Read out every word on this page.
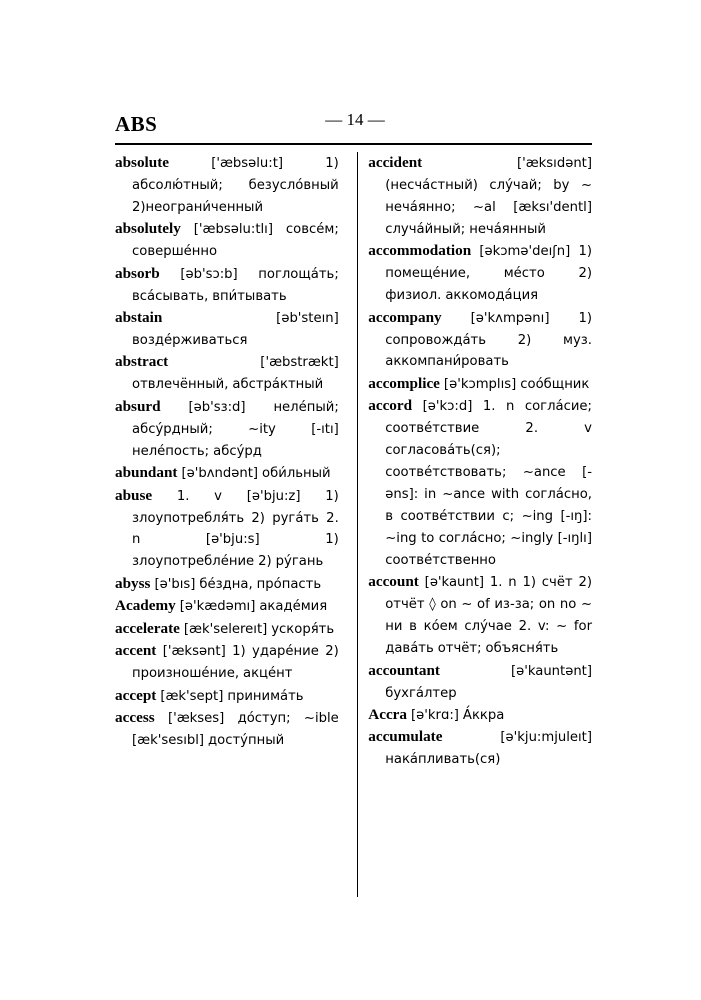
ABS	— 14 —

absolute ['æbsəlu:t] 1) абсолю́тный; безусло́вный 2)неограни́ченный

absolutely ['æbsəlu:tlı] совсе́м; соверше́нно

absorb [əb'sɔ:b] поглоща́ть; вса́сывать, впи́тывать

abstain [əb'steın] возде́рживаться

abstract ['æbstrækt] отвлечённый, абстра́ктный

absurd [əb'sɜ:d] неле́пый; абсу́рдный; ~ity [-ıtı] неле́пость; абсу́рд

abundant [ə'bʌndənt] оби́льный

abuse 1. v [ə'bju:z] 1) злоупотребля́ть 2) руга́ть 2. n [ə'bju:s] 1) злоупотребле́ние 2) ру́гань

abyss [ə'bıs] бе́здна, про́пасть

Academy [ə'kædəmı] акаде́мия

accelerate [æk'selereıt] ускоря́ть

accent ['æksənt] 1) ударе́ние 2) произноше́ние, акце́нт

accept [æk'sept] принима́ть

access ['ækses] до́ступ; ~ible [æk'sesıbl] досту́пный

accident ['æksıdənt] (несча́стный) слу́чай; by ~ неча́янно; ~al [æksı'dentl] случа́йный; неча́янный

accommodation [əkɔmə'deıʃn] 1) помеще́ние, ме́сто 2) физиол. аккомода́ция

accompany [ə'kʌmpənı] 1) сопровожда́ть 2) муз. аккомпани́ровать

accomplice [ə'kɔmplıs] соо́бщник

accord [ə'kɔ:d] 1. n согла́сие; соотве́тствие 2. v согласова́ть(ся); соотве́тствовать; ~ance [-əns]: in ~ance with согла́сно, в соотве́тствии с; ~ing [-ıŋ]: ~ing to согла́сно; ~ingly [-ıŋlı] соотве́тственно

account [ə'kaunt] 1. n 1) счёт 2) отчёт ◊ on ~ of из-за; on no ~ ни в ко́ем слу́чае 2. v: ~ for дава́ть отчёт; объясня́ть

accountant [ə'kauntənt] бухга́лтер

Accra [ə'krɑ:] А́ккра

accumulate [ə'kju:mjuleıt] нака́пливать(ся)
